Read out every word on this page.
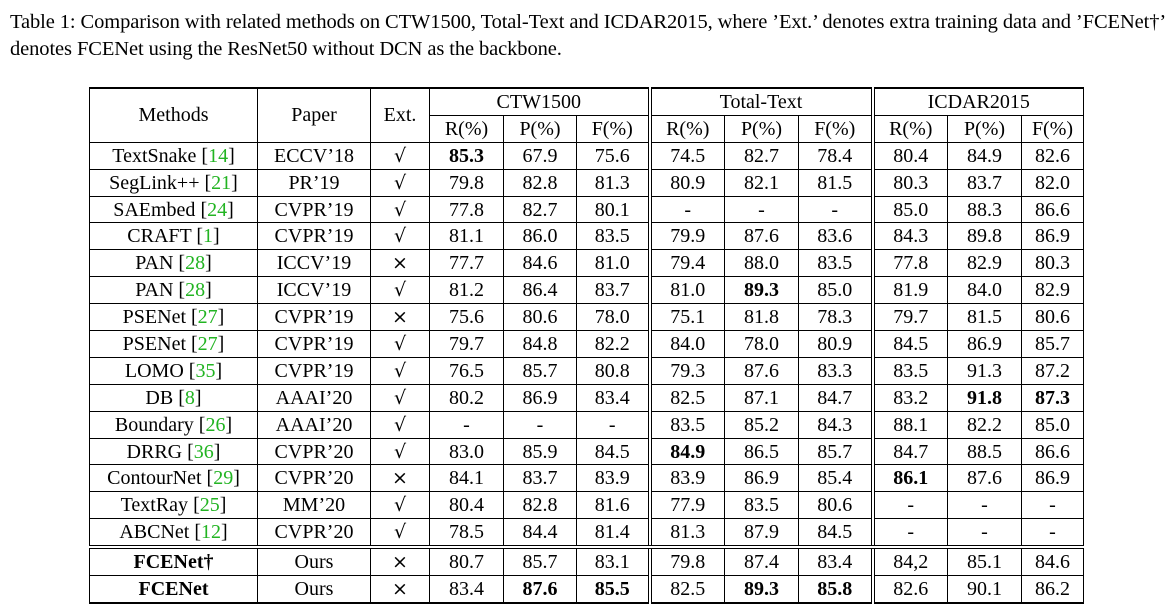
Table 1: Comparison with related methods on CTW1500, Total-Text and ICDAR2015, where ’Ext.’ denotes extra training data and ’FCENet†’ denotes FCENet using the ResNet50 without DCN as the backbone.
Methods	Paper	Ext.	CTW1500			Total-Text			ICDAR2015		
			R(%)	P(%)	F(%)	R(%)	P(%)	F(%)	R(%)	P(%)	F(%)
TextSnake [14]	ECCV’18	√	85.3	67.9	75.6	74.5	82.7	78.4	80.4	84.9	82.6
SegLink++ [21]	PR’19	√	79.8	82.8	81.3	80.9	82.1	81.5	80.3	83.7	82.0
SAEmbed [24]	CVPR’19	√	77.8	82.7	80.1	-	-	-	85.0	88.3	86.6
CRAFT [1]	CVPR’19	√	81.1	86.0	83.5	79.9	87.6	83.6	84.3	89.8	86.9
PAN [28]	ICCV’19	×	77.7	84.6	81.0	79.4	88.0	83.5	77.8	82.9	80.3
PAN [28]	ICCV’19	√	81.2	86.4	83.7	81.0	89.3	85.0	81.9	84.0	82.9
PSENet [27]	CVPR’19	×	75.6	80.6	78.0	75.1	81.8	78.3	79.7	81.5	80.6
PSENet [27]	CVPR’19	√	79.7	84.8	82.2	84.0	78.0	80.9	84.5	86.9	85.7
LOMO [35]	CVPR’19	√	76.5	85.7	80.8	79.3	87.6	83.3	83.5	91.3	87.2
DB [8]	AAAI’20	√	80.2	86.9	83.4	82.5	87.1	84.7	83.2	91.8	87.3
Boundary [26]	AAAI’20	√	-	-	-	83.5	85.2	84.3	88.1	82.2	85.0
DRRG [36]	CVPR’20	√	83.0	85.9	84.5	84.9	86.5	85.7	84.7	88.5	86.6
ContourNet [29]	CVPR’20	×	84.1	83.7	83.9	83.9	86.9	85.4	86.1	87.6	86.9
TextRay [25]	MM’20	√	80.4	82.8	81.6	77.9	83.5	80.6	-	-	-
ABCNet [12]	CVPR’20	√	78.5	84.4	81.4	81.3	87.9	84.5	-	-	-
FCENet†	Ours	×	80.7	85.7	83.1	79.8	87.4	83.4	84,2	85.1	84.6
FCENet	Ours	×	83.4	87.6	85.5	82.5	89.3	85.8	82.6	90.1	86.2
